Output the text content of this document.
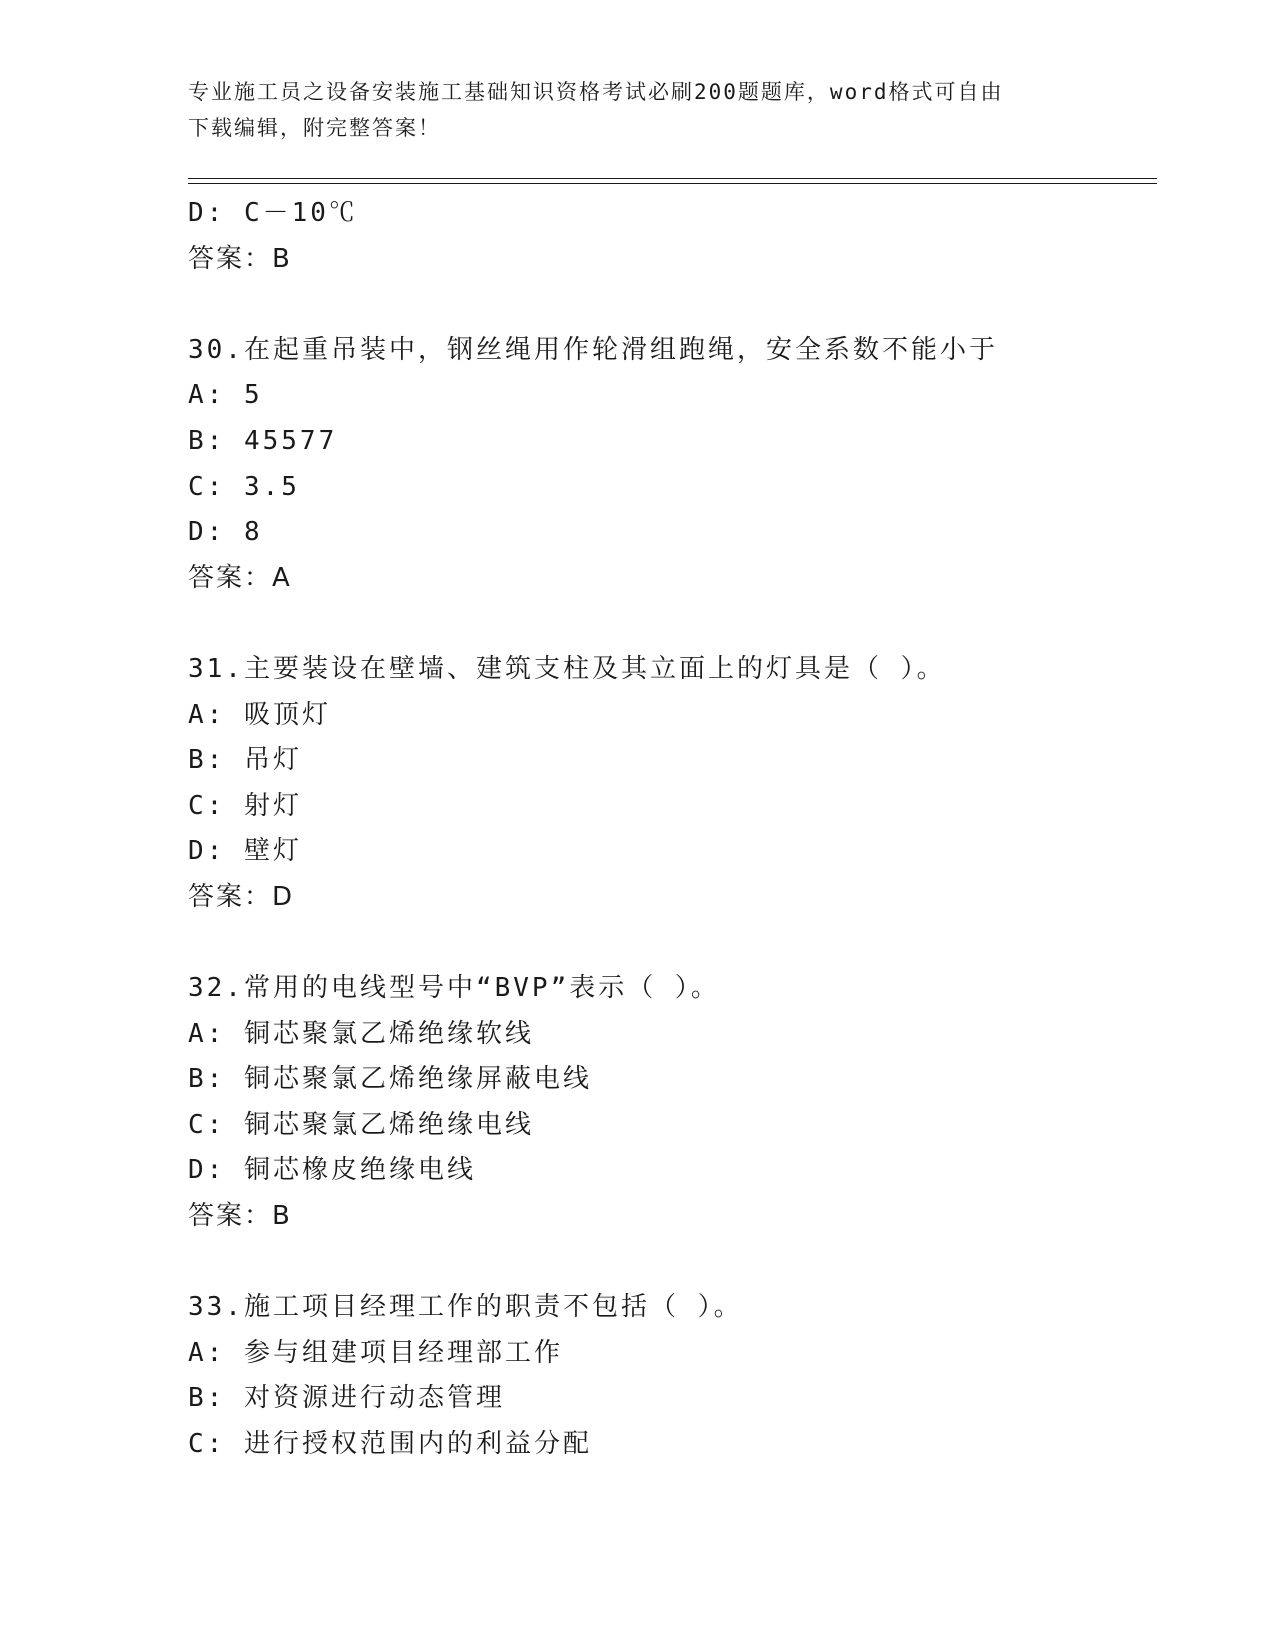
专业施工员之设备安装施工基础知识资格考试必刷200题题库，word格式可自由
下载编辑，附完整答案！
D: C－10℃
答案：B
30.在起重吊装中，钢丝绳用作轮滑组跑绳，安全系数不能小于
A: 5
B: 45577
C: 3.5
D: 8
答案：A
31.主要装设在壁墙、建筑支柱及其立面上的灯具是（ ）。
A: 吸顶灯
B: 吊灯
C: 射灯
D: 壁灯
答案：D
32.常用的电线型号中“BVP”表示（ ）。
A: 铜芯聚氯乙烯绝缘软线
B: 铜芯聚氯乙烯绝缘屏蔽电线
C: 铜芯聚氯乙烯绝缘电线
D: 铜芯橡皮绝缘电线
答案：B
33.施工项目经理工作的职责不包括（ ）。
A: 参与组建项目经理部工作
B: 对资源进行动态管理
C: 进行授权范围内的利益分配
